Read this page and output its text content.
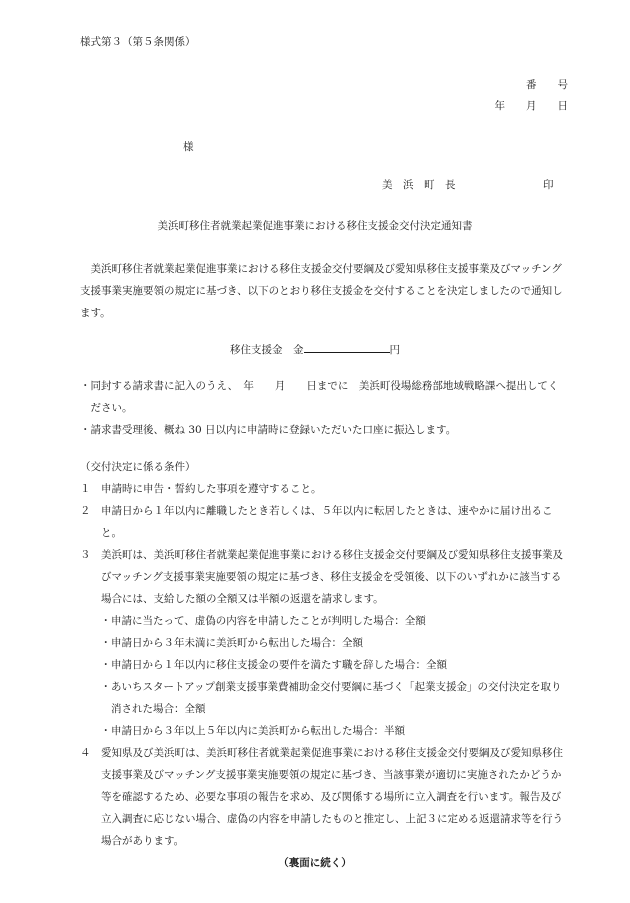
様式第３（第５条関係）
番　　号
年　　月　　日
様
美　浜　町　長	印
美浜町移住者就業起業促進事業における移住支援金交付決定通知書

美浜町移住者就業起業促進事業における移住支援金交付要綱及び愛知県移住支援事業及びマッチング支援事業実施要領の規定に基づき、以下のとおり移住支援金を交付することを決定しましたので通知します。

移住支援金　金	円

・同封する請求書に記入のうえ、　年　　月　　日までに　美浜町役場総務部地域戦略課へ提出してください。

・請求書受理後、概ね 30 日以内に申請時に登録いただいた口座に振込します。

（交付決定に係る条件）

１ 申請時に申告・誓約した事項を遵守すること。

２ 申請日から１年以内に離職したとき若しくは、５年以内に転居したときは、速やかに届け出ること。

３ 美浜町は、美浜町移住者就業起業促進事業における移住支援金交付要綱及び愛知県移住支援事業及びマッチング支援事業実施要領の規定に基づき、移住支援金を受領後、以下のいずれかに該当する場合には、支給した額の全額又は半額の返還を請求します。

・申請に当たって、虚偽の内容を申請したことが判明した場合：全額

・申請日から３年未満に美浜町から転出した場合：全額

・申請日から１年以内に移住支援金の要件を満たす職を辞した場合：全額

・あいちスタートアップ創業支援事業費補助金交付要綱に基づく「起業支援金」の交付決定を取り消された場合：全額

・申請日から３年以上５年以内に美浜町から転出した場合：半額

４ 愛知県及び美浜町は、美浜町移住者就業起業促進事業における移住支援金交付要綱及び愛知県移住支援事業及びマッチング支援事業実施要領の規定に基づき、当該事業が適切に実施されたかどうか等を確認するため、必要な事項の報告を求め、及び関係する場所に立入調査を行います。報告及び立入調査に応じない場合、虚偽の内容を申請したものと推定し、上記３に定める返還請求等を行う場合があります。

（裏面に続く）
